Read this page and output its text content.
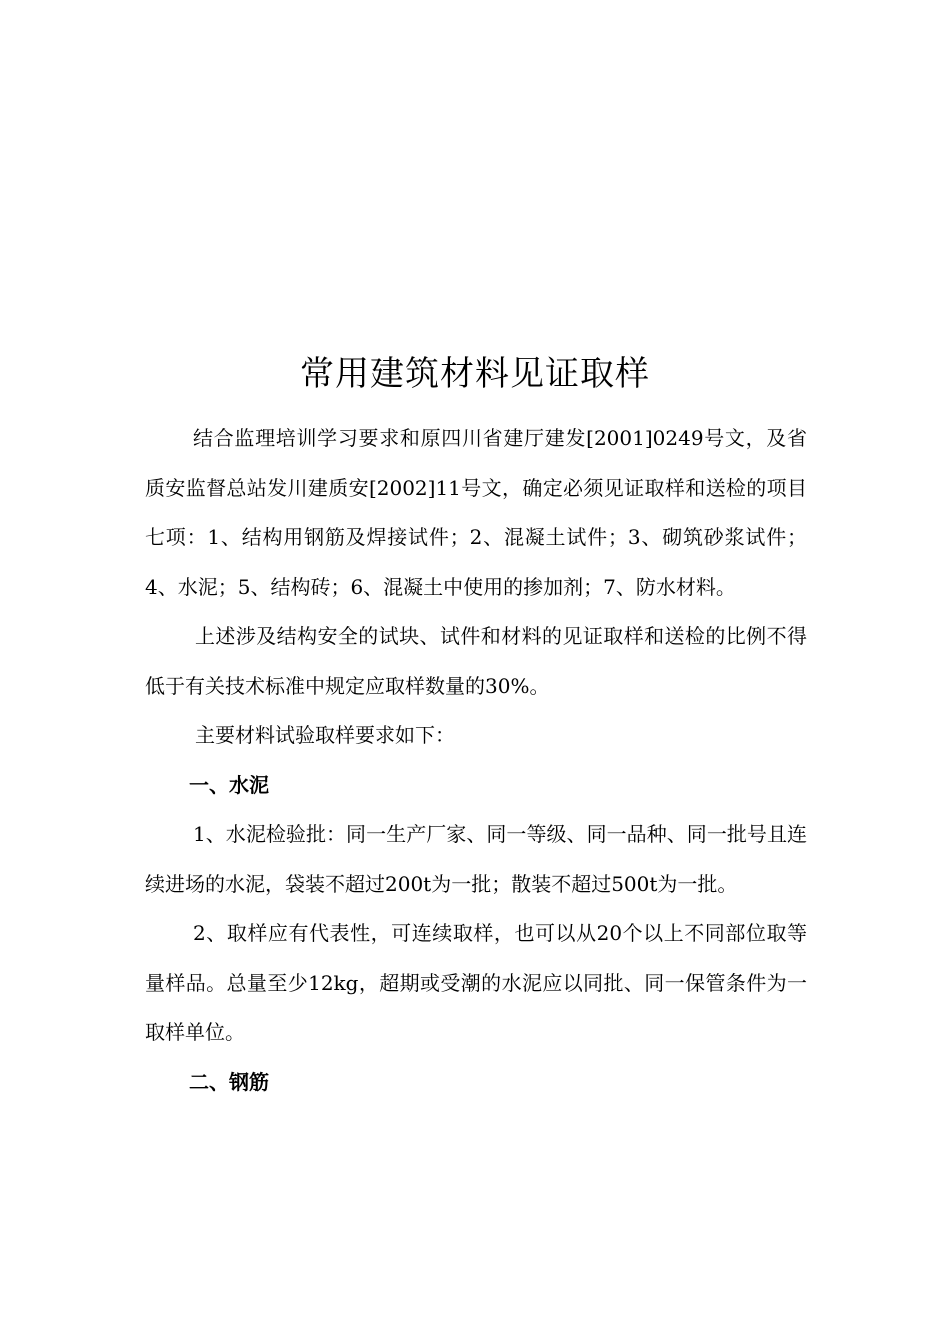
常用建筑材料见证取样

结合监理培训学习要求和原四川省建厅建发[2001]0249号文，及省质安监督总站发川建质安[2002]11号文，确定必须见证取样和送检的项目七项：1、结构用钢筋及焊接试件；2、混凝土试件；3、砌筑砂浆试件；4、水泥；5、结构砖；6、混凝土中使用的掺加剂；7、防水材料。

上述涉及结构安全的试块、试件和材料的见证取样和送检的比例不得低于有关技术标准中规定应取样数量的30%。

主要材料试验取样要求如下：

一、水泥

1、水泥检验批：同一生产厂家、同一等级、同一品种、同一批号且连续进场的水泥，袋装不超过200t为一批；散装不超过500t为一批。

2、取样应有代表性，可连续取样，也可以从20个以上不同部位取等量样品。总量至少12kg，超期或受潮的水泥应以同批、同一保管条件为一取样单位。

二、钢筋
